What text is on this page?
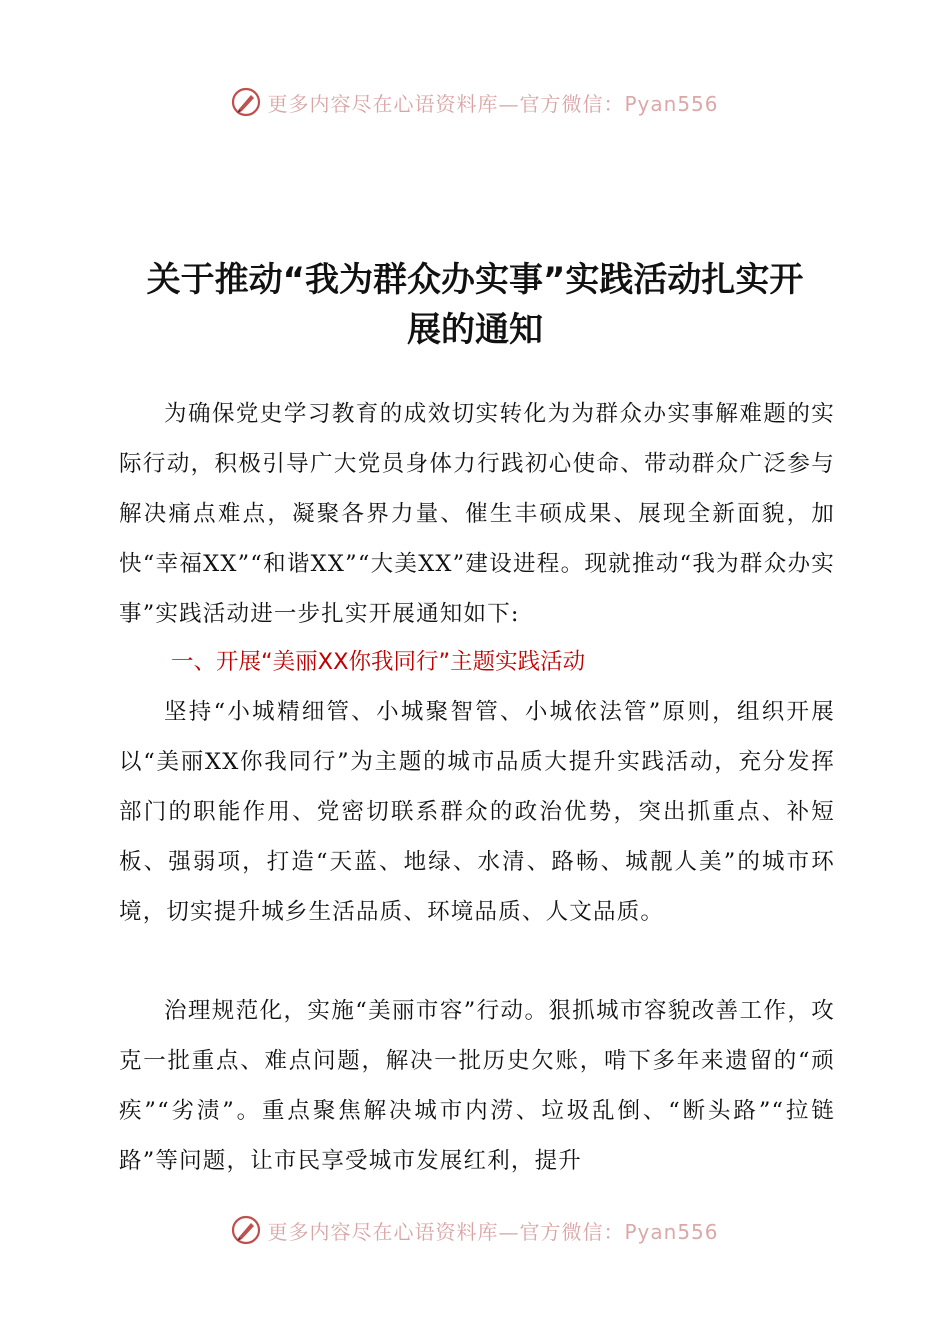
更多内容尽在心语资料库—官方微信：Pyan556
关于推动“我为群众办实事”实践活动扎实开
展的通知
为确保党史学习教育的成效切实转化为为群众办实事解难题的实际行动，积极引导广大党员身体力行践初心使命、带动群众广泛参与解决痛点难点，凝聚各界力量、催生丰硕成果、展现全新面貌，加快“幸福XX”“和谐XX”“大美XX”建设进程。现就推动“我为群众办实事”实践活动进一步扎实开展通知如下:
一、开展“美丽XX你我同行”主题实践活动
坚持“小城精细管、小城聚智管、小城依法管”原则，组织开展以“美丽XX你我同行”为主题的城市品质大提升实践活动，充分发挥部门的职能作用、党密切联系群众的政治优势，突出抓重点、补短板、强弱项，打造“天蓝、地绿、水清、路畅、城靓人美”的城市环境，切实提升城乡生活品质、环境品质、人文品质。
治理规范化，实施“美丽市容”行动。狠抓城市容貌改善工作，攻克一批重点、难点问题，解决一批历史欠账，啃下多年来遗留的“顽疾”“劣渍”。重点聚焦解决城市内涝、垃圾乱倒、“断头路”“拉链路”等问题，让市民享受城市发展红利，提升
更多内容尽在心语资料库—官方微信：Pyan556
